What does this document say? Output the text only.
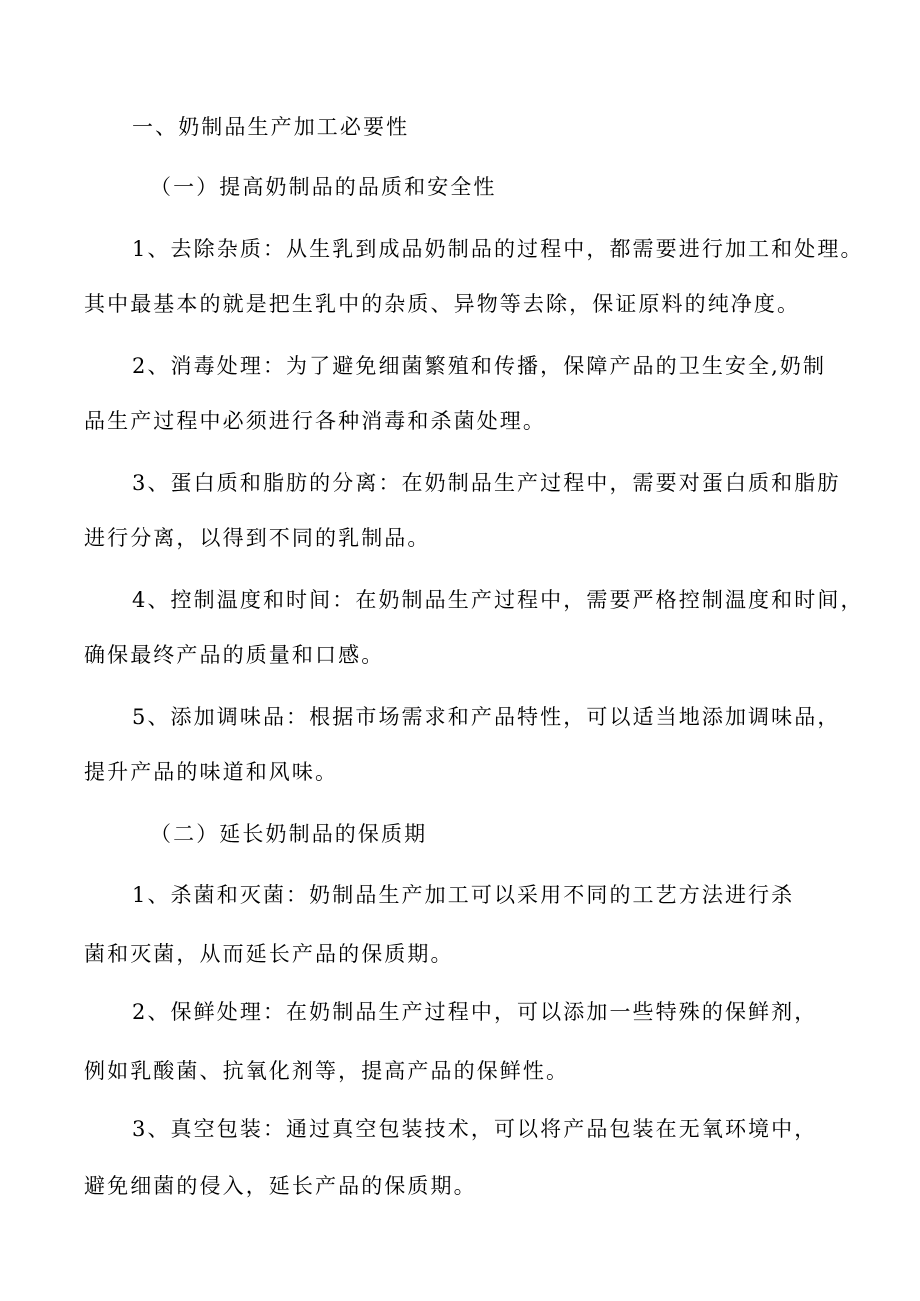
一、奶制品生产加工必要性
（一）提高奶制品的品质和安全性
1、去除杂质：从生乳到成品奶制品的过程中，都需要进行加工和处理。
其中最基本的就是把生乳中的杂质、异物等去除，保证原料的纯净度。
2、消毒处理：为了避免细菌繁殖和传播，保障产品的卫生安全,奶制
品生产过程中必须进行各种消毒和杀菌处理。
3、蛋白质和脂肪的分离：在奶制品生产过程中，需要对蛋白质和脂肪
进行分离，以得到不同的乳制品。
4、控制温度和时间：在奶制品生产过程中，需要严格控制温度和时间，
确保最终产品的质量和口感。
5、添加调味品：根据市场需求和产品特性，可以适当地添加调味品，
提升产品的味道和风味。
（二）延长奶制品的保质期
1、杀菌和灭菌：奶制品生产加工可以采用不同的工艺方法进行杀
菌和灭菌，从而延长产品的保质期。
2、保鲜处理：在奶制品生产过程中，可以添加一些特殊的保鲜剂，
例如乳酸菌、抗氧化剂等，提高产品的保鲜性。
3、真空包装：通过真空包装技术，可以将产品包装在无氧环境中，
避免细菌的侵入，延长产品的保质期。
